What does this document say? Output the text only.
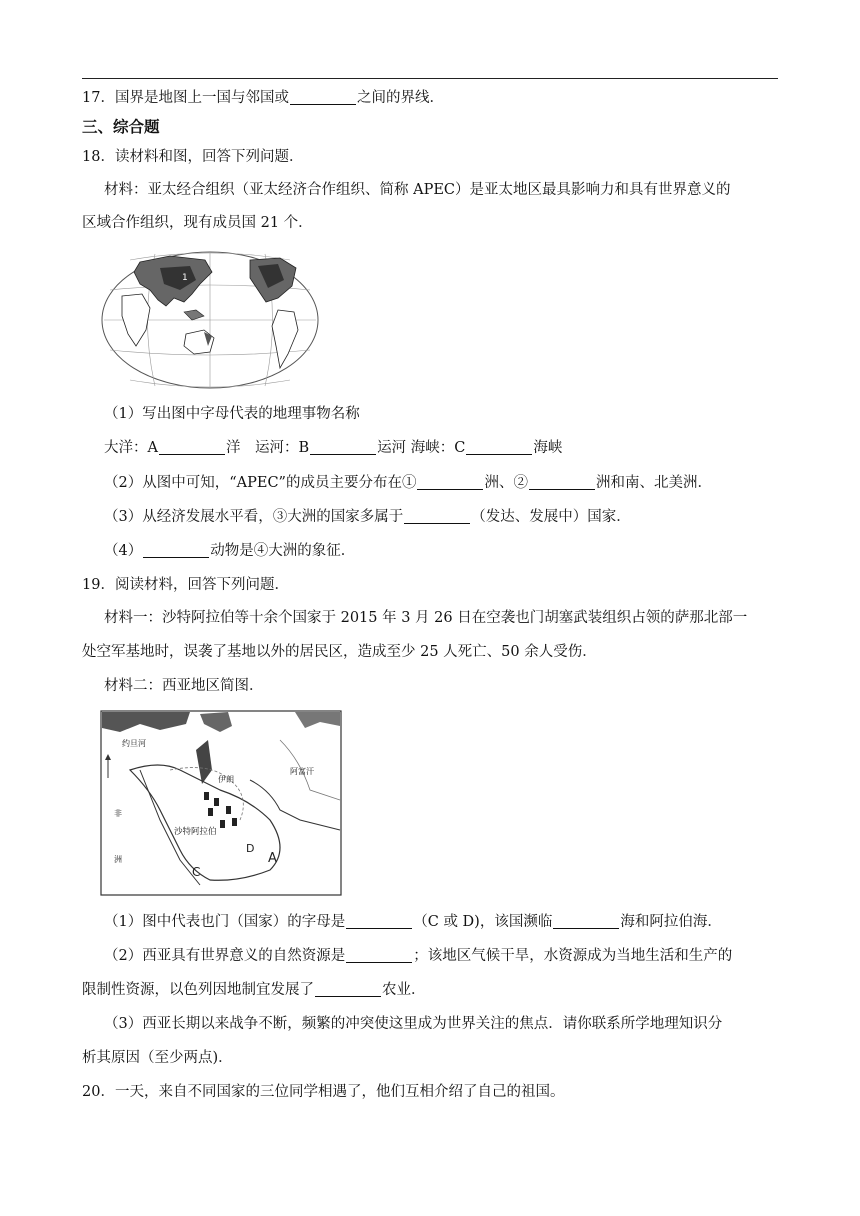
17．国界是地图上一国与邻国或	之间的界线．
三、综合题
18．读材料和图，回答下列问题．
材料：亚太经合组织（亚太经济合作组织、简称 APEC）是亚太地区最具影响力和具有世界意义的
区域合作组织，现有成员国 21 个．
1
（1）写出图中字母代表的地理事物名称
大洋：A	洋　运河：B	运河 海峡：C	海峡
（2）从图中可知，“APEC”的成员主要分布在①	洲、②	洲和南、北美洲．
（3）从经济发展水平看，③大洲的国家多属于	（发达、发展中）国家．
（4）	动物是④大洲的象征．
19．阅读材料，回答下列问题．
材料一：沙特阿拉伯等十余个国家于 2015 年 3 月 26 日在空袭也门胡塞武装组织占领的萨那北部一
处空军基地时，误袭了基地以外的居民区，造成至少 25 人死亡、50 余人受伤．
材料二：西亚地区简图．
约旦河
伊朗
阿富汗
沙特阿拉伯
非
洲
D
A
C
（1）图中代表也门（国家）的字母是	（C 或 D)，该国濒临	海和阿拉伯海．
（2）西亚具有世界意义的自然资源是	；该地区气候干旱，水资源成为当地生活和生产的
限制性资源，以色列因地制宜发展了	农业．
（3）西亚长期以来战争不断，频繁的冲突使这里成为世界关注的焦点．请你联系所学地理知识分
析其原因（至少两点)．
20．一天，来自不同国家的三位同学相遇了，他们互相介绍了自己的祖国。
